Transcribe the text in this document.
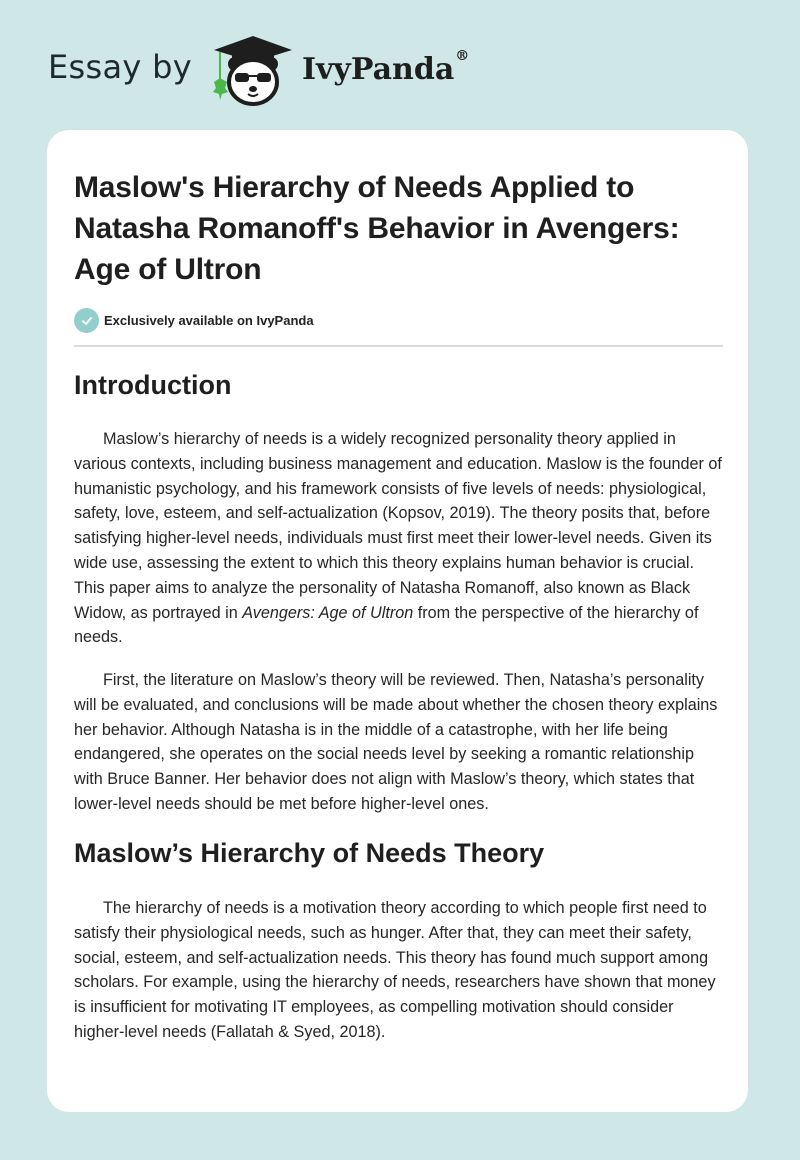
Essay by	IvyPanda®
Maslow's Hierarchy of Needs Applied to Natasha Romanoff's Behavior in Avengers: Age of Ultron
Exclusively available on IvyPanda
Introduction

Maslow’s hierarchy of needs is a widely recognized personality theory applied in various contexts, including business management and education. Maslow is the founder of humanistic psychology, and his framework consists of five levels of needs: physiological, safety, love, esteem, and self-actualization (Kopsov, 2019). The theory posits that, before satisfying higher-level needs, individuals must first meet their lower-level needs. Given its wide use, assessing the extent to which this theory explains human behavior is crucial. This paper aims to analyze the personality of Natasha Romanoff, also known as Black Widow, as portrayed in Avengers: Age of Ultron from the perspective of the hierarchy of needs.

First, the literature on Maslow’s theory will be reviewed. Then, Natasha’s personality will be evaluated, and conclusions will be made about whether the chosen theory explains her behavior. Although Natasha is in the middle of a catastrophe, with her life being endangered, she operates on the social needs level by seeking a romantic relationship with Bruce Banner. Her behavior does not align with Maslow’s theory, which states that lower-level needs should be met before higher-level ones.

Maslow’s Hierarchy of Needs Theory

The hierarchy of needs is a motivation theory according to which people first need to satisfy their physiological needs, such as hunger. After that, they can meet their safety, social, esteem, and self-actualization needs. This theory has found much support among scholars. For example, using the hierarchy of needs, researchers have shown that money is insufficient for motivating IT employees, as compelling motivation should consider higher-level needs (Fallatah & Syed, 2018).
